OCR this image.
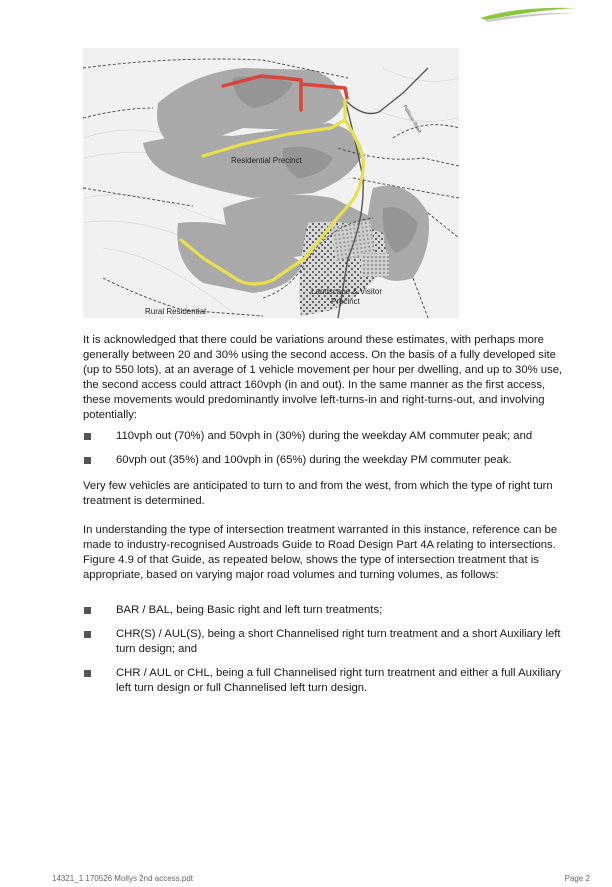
Residential Precinct
Landscape & Visitor
Precinct
Rural Residential
Pattison Road

It is acknowledged that there could be variations around these estimates, with perhaps more generally between 20 and 30% using the second access. On the basis of a fully developed site (up to 550 lots), at an average of 1 vehicle movement per hour per dwelling, and up to 30% use, the second access could attract 160vph (in and out). In the same manner as the first access, these movements would predominantly involve left-turns-in and right-turns-out, and involving potentially:

110vph out (70%) and 50vph in (30%) during the weekday AM commuter peak; and
60vph out (35%) and 100vph in (65%) during the weekday PM commuter peak.

Very few vehicles are anticipated to turn to and from the west, from which the type of right turn treatment is determined.

In understanding the type of intersection treatment warranted in this instance, reference can be made to industry-recognised Austroads Guide to Road Design Part 4A relating to intersections. Figure 4.9 of that Guide, as repeated below, shows the type of intersection treatment that is appropriate, based on varying major road volumes and turning volumes, as follows:

BAR / BAL, being Basic right and left turn treatments;
CHR(S) / AUL(S), being a short Channelised right turn treatment and a short Auxiliary left turn design; and
CHR / AUL or CHL, being a full Channelised right turn treatment and either a full Auxiliary left turn design or full Channelised left turn design.
14321_1 170526 Mollys 2nd access.pdt	Page 2
